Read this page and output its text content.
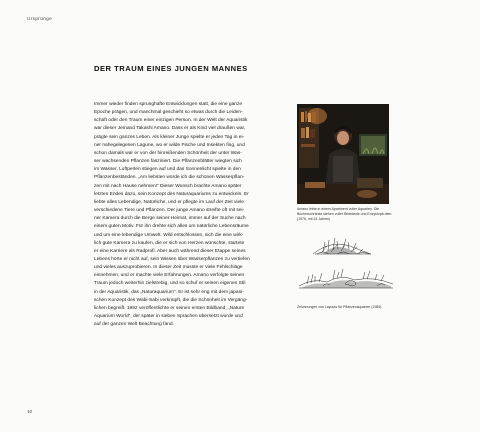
Ursprünge
DER TRAUM EINES JUNGEN MANNES

Immer wieder finden sprunghafte Entwicklungen statt, die eine ganze
Epoche prägen, und manchmal geschieht so etwas durch die Leiden-
schaft oder den Traum einer einzigen Person. In der Welt der Aquaristik
war dieser Jemand Takashi Amano. Dass er als Kind viel draußen war,
prägte sein ganzes Leben. Als kleiner Junge spielte er jeden Tag in ei-
ner nahegelegenen Lagune, wo er wilde Fische und Insekten fing, und
schon damals war er von der hinreißenden Schönheit der unter Was-
ser wachsenden Pflanzen fasziniert. Die Pflanzenblätter wiegten sich
im Wasser, Luftperlen stiegen auf und das Sonnenlicht spielte in den
Pflanzenbeständen. „Am liebsten würde ich die schönen Wasserpflan-
zen mit nach Hause nehmen!“ Dieser Wunsch brachte Amano später
letzten Endes dazu, sein Konzept des Naturaquariums zu entwickeln. Er
liebte alles Lebendige, Natürliche, und er pflegte im Lauf der Zeit viele
verschiedene Tiere und Pflanzen. Der junge Amano streifte oft mit sei-
ner Kamera durch die Berge seiner Heimat, immer auf der Suche nach
einem guten Motiv. Für ihn drehte sich alles um natürliche Lebensräume
und um eine lebendige Umwelt. Wild entschlossen, sich die eine wirk-
lich gute Kamera zu kaufen, die er sich von Herzen wünschte, startete
er eine Karriere als Radprofi. Aber auch während dieser Etappe seines
Lebens hörte er nicht auf, sein Wissen über Wasserpflanzen zu vertiefen
und vieles auszuprobieren. In dieser Zeit musste er viele Fehlschläge
einnehmen, und er machte viele Erfahrungen. Amano verfolgte seinen
Traum jedoch weiterhin zielstrebig, und so schuf er seinen eigenen Stil
in der Aquaristik, das „Naturaquarium“. Er ist sehr eng mit dem japani-
schen Konzept des Wabi-Sabi verknüpft, die die Schönheit im Vergäng-
lichen begreift. 1992 veröffentlichte er seinen ersten Bildband, „Nature
Aquarium World“, der später in sieben Sprachen übersetzt wurde und
auf der ganzen Welt Beachtung fand.

Amano lebte in einem Apartment voller Aquarien. Die Bücherschränke stehen voller Bildbände und Enzyklopä-dien. (1976, mit 24 Jahren)

Zeichnungen von Layouts für Pflanzenaquarien (1985)

10
